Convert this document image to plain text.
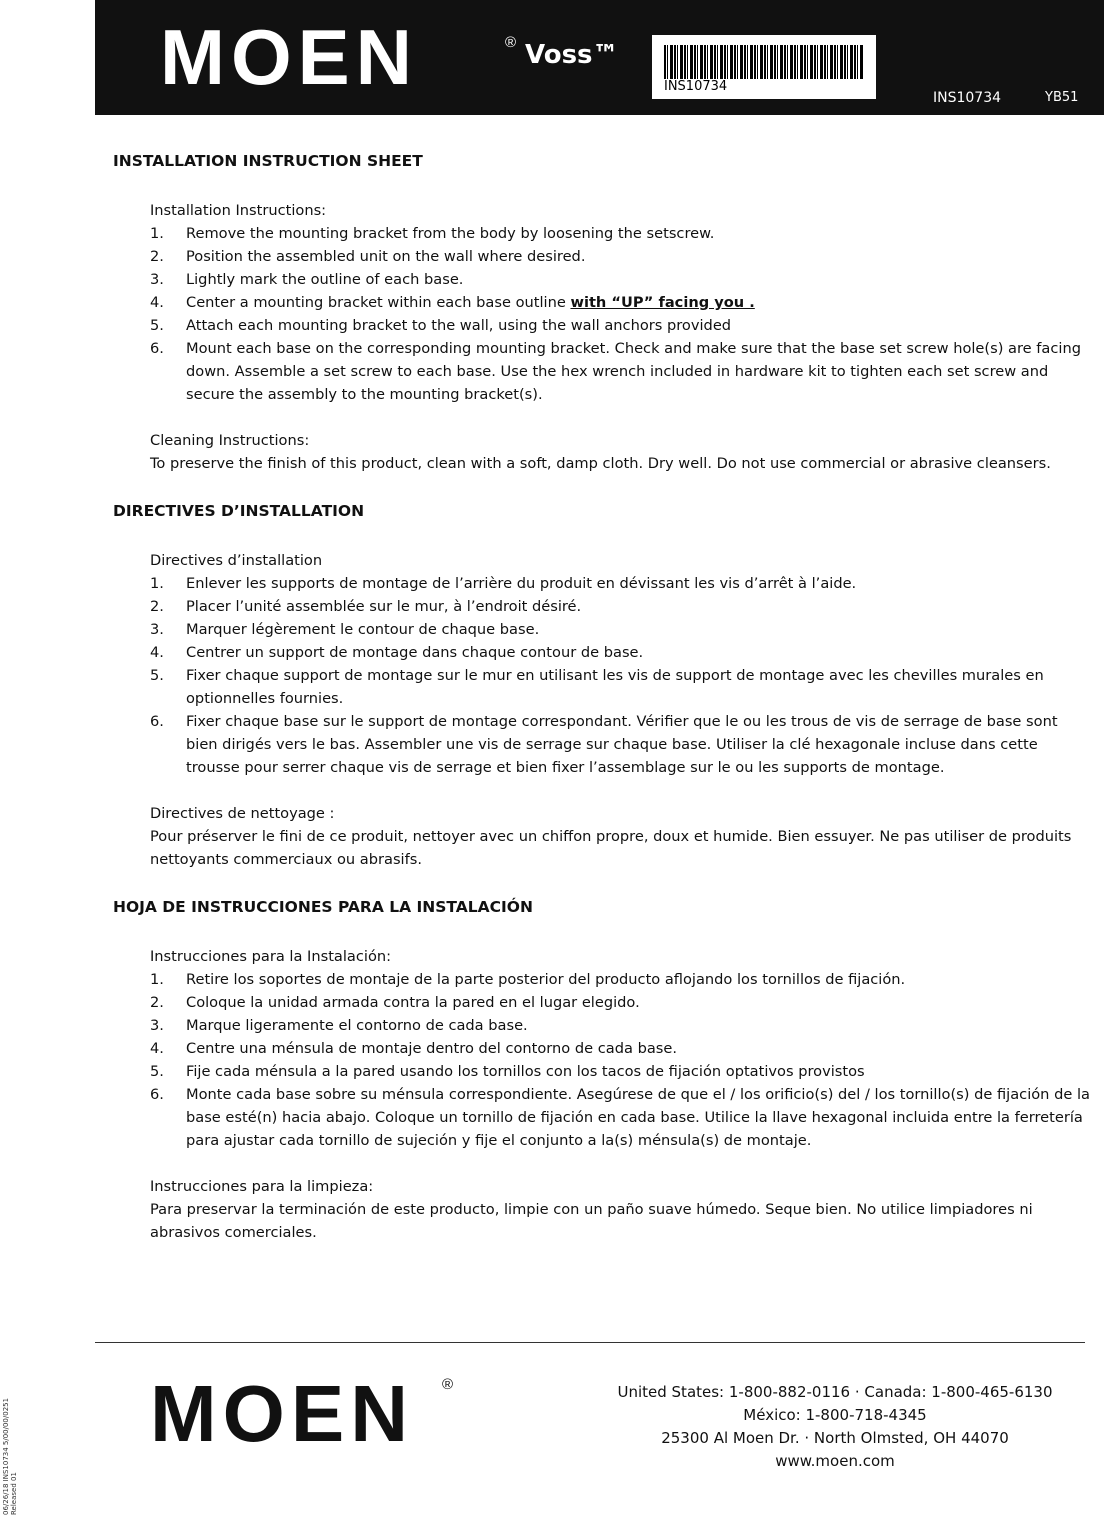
MOEN	® Voss™
INS10734
INS10734	YB51
INSTALLATION INSTRUCTION SHEET
Installation Instructions:
1. Remove the mounting bracket from the body by loosening the setscrew.
2. Position the assembled unit on the wall where desired.
3. Lightly mark the outline of each base.
4. Center a mounting bracket within each base outline with “UP” facing you .
5. Attach each mounting bracket to the wall, using the wall anchors provided
6. Mount each base on the corresponding mounting bracket. Check and make sure that the base set screw hole(s) are facing down. Assemble a set screw to each base. Use the hex wrench included in hardware kit to tighten each set screw and secure the assembly to the mounting bracket(s).
Cleaning Instructions:
To preserve the finish of this product, clean with a soft, damp cloth. Dry well. Do not use commercial or abrasive cleansers.
DIRECTIVES D’INSTALLATION
Directives d’installation
1. Enlever les supports de montage de l’arrière du produit en dévissant les vis d’arrêt à l’aide.
2. Placer l’unité assemblée sur le mur, à l’endroit désiré.
3. Marquer légèrement le contour de chaque base.
4. Centrer un support de montage dans chaque contour de base.
5. Fixer chaque support de montage sur le mur en utilisant les vis de support de montage avec les chevilles murales en optionnelles fournies.
6. Fixer chaque base sur le support de montage correspondant. Vérifier que le ou les trous de vis de serrage de base sont bien dirigés vers le bas. Assembler une vis de serrage sur chaque base. Utiliser la clé hexagonale incluse dans cette trousse pour serrer chaque vis de serrage et bien fixer l’assemblage sur le ou les supports de montage.
Directives de nettoyage :
Pour préserver le fini de ce produit, nettoyer avec un chiffon propre, doux et humide. Bien essuyer. Ne pas utiliser de produits nettoyants commerciaux ou abrasifs.
HOJA DE INSTRUCCIONES PARA LA INSTALACIÓN
Instrucciones para la Instalación:
1. Retire los soportes de montaje de la parte posterior del producto aflojando los tornillos de fijación.
2. Coloque la unidad armada contra la pared en el lugar elegido.
3. Marque ligeramente el contorno de cada base.
4. Centre una ménsula de montaje dentro del contorno de cada base.
5. Fije cada ménsula a la pared usando los tornillos con los tacos de fijación optativos provistos
6. Monte cada base sobre su ménsula correspondiente. Asegúrese de que el / los orificio(s) del / los tornillo(s) de fijación de la base esté(n) hacia abajo. Coloque un tornillo de fijación en cada base. Utilice la llave hexagonal incluida entre la ferretería para ajustar cada tornillo de sujeción y fije el conjunto a la(s) ménsula(s) de montaje.
Instrucciones para la limpieza:
Para preservar la terminación de este producto, limpie con un paño suave húmedo. Seque bien. No utilice limpiadores ni abrasivos comerciales.
MOEN ®	United States: 1-800-882-0116 · Canada: 1-800-465-6130
México: 1-800-718-4345
25300 Al Moen Dr. · North Olmsted, OH 44070
www.moen.com
06/26/18 INS10734 5/00/00/0251 Released 01
